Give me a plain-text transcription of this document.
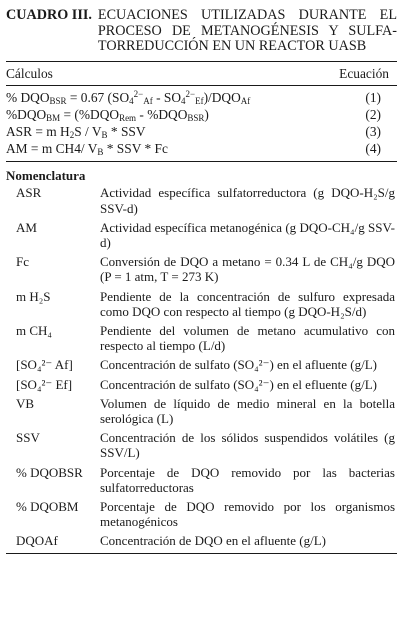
CUADRO III. ECUACIONES UTILIZADAS DURANTE EL PROCESO DE METANOGÉNESIS Y SULFA-TORREDUCCIÓN EN UN REACTOR UASB
Cálculos	Ecuación
% $DQO_{BSR} = 0.67$ $(SO_4^{2-}_{Af} - SO_4^{2-}_{Ef})/DQO_{Af}$	(1)
$\%DQO_{BM} = (\%DQO_{Rem} - \%DQO_{BSR})$	(2)
ASR = m $H_2S / V_B$ * SSV	(3)
AM = m CH4/ $V_B$ * SSV * Fc	(4)
Nomenclatura
ASR	Actividad específica sulfatorreductora (g DQO-H₂S/g SSV-d)
AM	Actividad específica metanogénica (g DQO-CH₄/g SSV-d)
Fc	Conversión de DQO a metano = 0.34 L de CH₄/g DQO (P = 1 atm, T = 273 K)
m H₂S	Pendiente de la concentración de sulfuro expresada como DQO con respecto al tiempo (g DQO-H₂S/d)
m CH₄	Pendiente del volumen de metano acumulativo con respecto al tiempo (L/d)
[SO₄²⁻ Af]	Concentración de sulfato (SO₄²⁻) en el afluente (g/L)
[SO₄²⁻ Ef]	Concentración de sulfato (SO₄²⁻) en el efluente (g/L)
VB	Volumen de líquido de medio mineral en la botella serológica (L)
SSV	Concentración de los sólidos suspendidos volátiles (g SSV/L)
% DQOBSR	Porcentaje de DQO removido por las bacterias sulfatorreductoras
% DQOBM	Porcentaje de DQO removido por los organismos metanogénicos
DQOAf	Concentración de DQO en el afluente (g/L)
